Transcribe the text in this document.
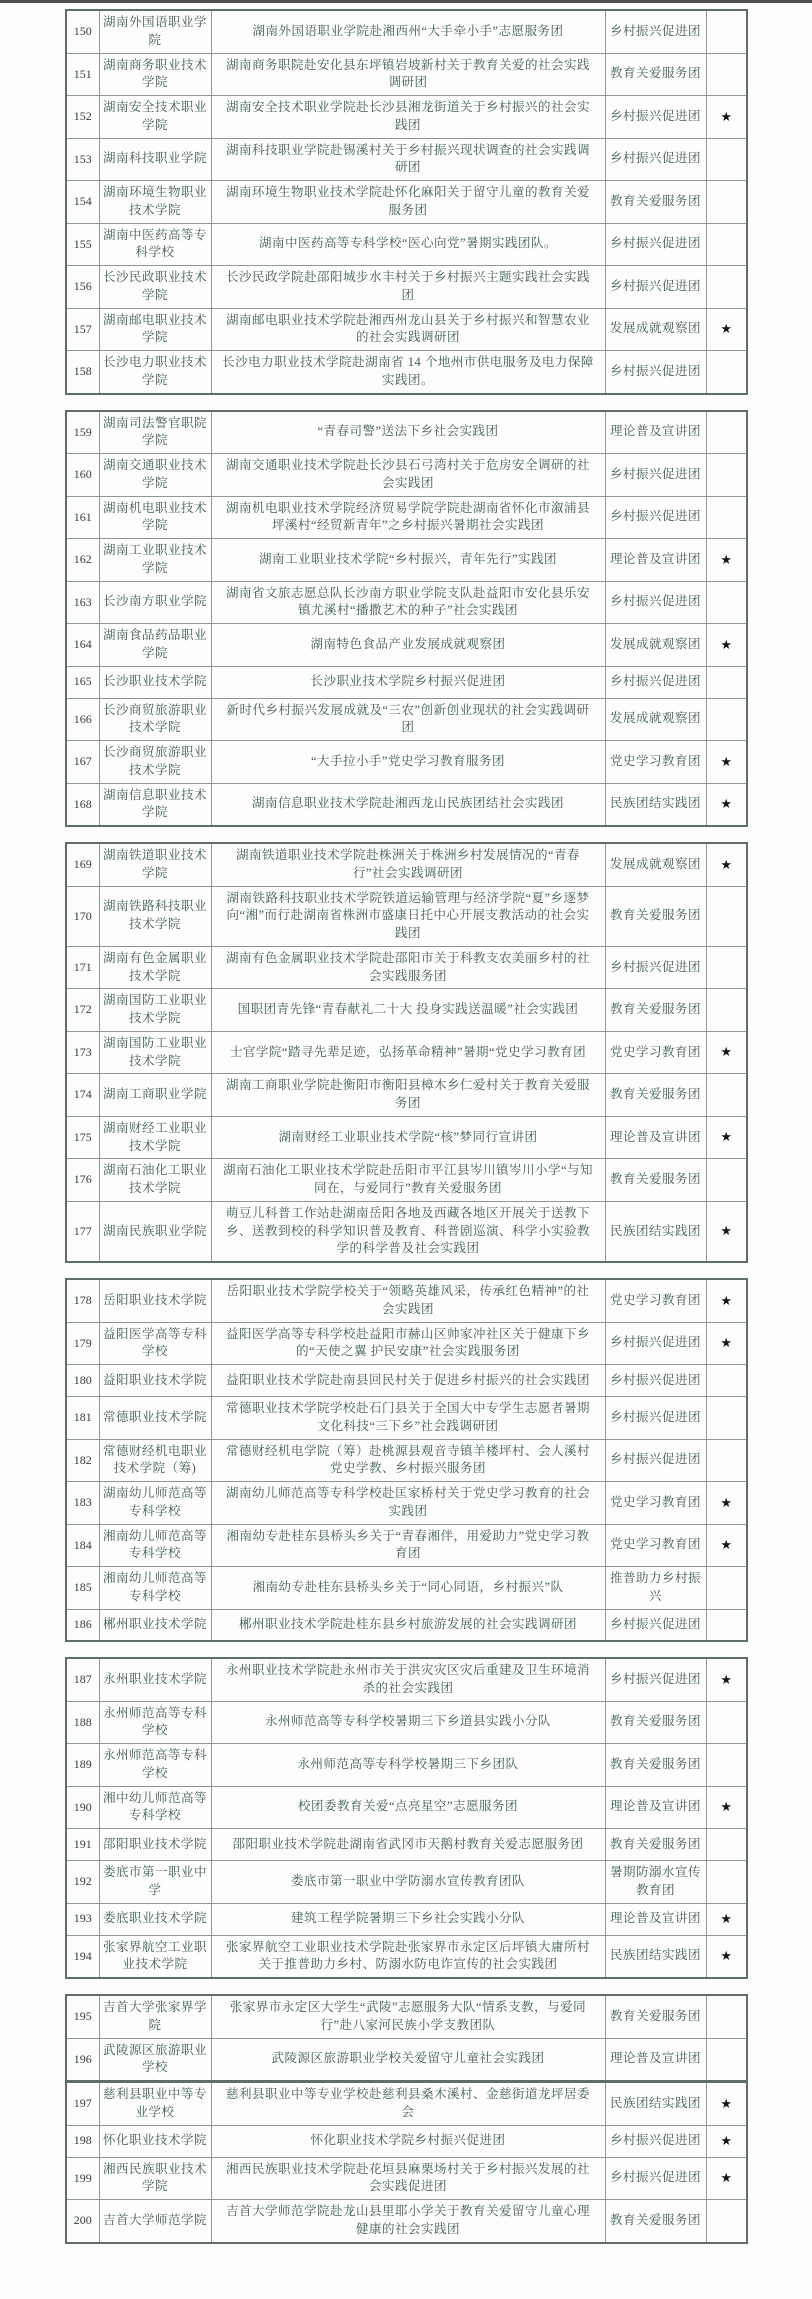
150	湖南外国语职业学院	湖南外国语职业学院赴湘西州“大手牵小手”志愿服务团	乡村振兴促进团	
151	湖南商务职业技术学院	湖南商务职院赴安化县东坪镇岩坡新村关于教育关爱的社会实践调研团	教育关爱服务团	
152	湖南安全技术职业学院	湖南安全技术职业学院赴长沙县湘龙街道关于乡村振兴的社会实践团	乡村振兴促进团	★
153	湖南科技职业学院	湖南科技职业学院赴锡溪村关于乡村振兴现状调查的社会实践调研团	乡村振兴促进团	
154	湖南环境生物职业技术学院	湖南环境生物职业技术学院赴怀化麻阳关于留守儿童的教育关爱服务团	教育关爱服务团	
155	湖南中医药高等专科学校	湖南中医药高等专科学校“医心向党”暑期实践团队。	乡村振兴促进团	
156	长沙民政职业技术学院	长沙民政学院赴邵阳城步水丰村关于乡村振兴主题实践社会实践团	乡村振兴促进团	
157	湖南邮电职业技术学院	湖南邮电职业技术学院赴湘西州龙山县关于乡村振兴和智慧农业的社会实践调研团	发展成就观察团	★
158	长沙电力职业技术学院	长沙电力职业技术学院赴湖南省 14 个地州市供电服务及电力保障实践团。	乡村振兴促进团	
159	湖南司法警官职院学院	“青春司警”送法下乡社会实践团	理论普及宣讲团	
160	湖南交通职业技术学院	湖南交通职业技术学院赴长沙县石弓湾村关于危房安全调研的社会实践团	乡村振兴促进团	
161	湖南机电职业技术学院	湖南机电职业技术学院经济贸易学院学院赴湖南省怀化市溆浦县坪溪村“经贸新青年”之乡村振兴暑期社会实践团	乡村振兴促进团	
162	湖南工业职业技术学院	湖南工业职业技术学院“乡村振兴，青年先行”实践团	理论普及宣讲团	★
163	长沙南方职业学院	湖南省文旅志愿总队长沙南方职业学院支队赴益阳市安化县乐安镇尤溪村“播撒艺术的种子”社会实践团	乡村振兴促进团	
164	湖南食品药品职业学院	湖南特色食品产业发展成就观察团	发展成就观察团	★
165	长沙职业技术学院	长沙职业技术学院乡村振兴促进团	乡村振兴促进团	
166	长沙商贸旅游职业技术学院	新时代乡村振兴发展成就及“三农”创新创业现状的社会实践调研团	发展成就观察团	
167	长沙商贸旅游职业技术学院	“大手拉小手”党史学习教育服务团	党史学习教育团	★
168	湖南信息职业技术学院	湖南信息职业技术学院赴湘西龙山民族团结社会实践团	民族团结实践团	★
169	湖南铁道职业技术学院	湖南铁道职业技术学院赴株洲关于株洲乡村发展情况的“青春行”社会实践调研团	发展成就观察团	★
170	湖南铁路科技职业技术学院	湖南铁路科技职业技术学院铁道运输管理与经济学院“夏”乡逐梦 向“湘”而行赴湖南省株洲市盛康日托中心开展支教活动的社会实践团	教育关爱服务团	
171	湖南有色金属职业技术学院	湖南有色金属职业技术学院赴邵阳市关于科教支农美丽乡村的社会实践服务团	乡村振兴促进团	
172	湖南国防工业职业技术学院	国职团青先锋“青春献礼二十大 投身实践送温暖”社会实践团	教育关爱服务团	
173	湖南国防工业职业技术学院	士官学院“踏寻先辈足迹，弘扬革命精神”暑期“党史学习教育团	党史学习教育团	★
174	湖南工商职业学院	湖南工商职业学院赴衡阳市衡阳县樟木乡仁爱村关于教育关爱服务团	教育关爱服务团	
175	湖南财经工业职业技术学院	湖南财经工业职业技术学院“核”梦同行宣讲团	理论普及宣讲团	★
176	湖南石油化工职业技术学院	湖南石油化工职业技术学院赴岳阳市平江县岑川镇岑川小学“与知同在，与爱同行”教育关爱服务团	教育关爱服务团	
177	湖南民族职业学院	萌豆儿科普工作站赴湖南岳阳各地及西藏各地区开展关于送教下乡、送教到校的科学知识普及教育、科普剧巡演、科学小实验教学的科学普及社会实践团	民族团结实践团	★
178	岳阳职业技术学院	岳阳职业技术学院学校关于“领略英雄风采，传承红色精神”的社会实践团	党史学习教育团	★
179	益阳医学高等专科学校	益阳医学高等专科学校赴益阳市赫山区帅家冲社区关于健康下乡的“天使之翼 护民安康”社会实践服务团	乡村振兴促进团	★
180	益阳职业技术学院	益阳职业技术学院赴南县回民村关于促进乡村振兴的社会实践团	乡村振兴促进团	
181	常德职业技术学院	常德职业技术学院学校赴石门县关于全国大中专学生志愿者暑期文化科技“三下乡”社会践调研团	乡村振兴促进团	
182	常德财经机电职业技术学院（筹)	常德财经机电学院（筹）赴桃源县观音寺镇羊楼坪村、会人溪村党史学教、乡村振兴服务团	乡村振兴促进团	
183	湖南幼儿师范高等专科学校	湖南幼儿师范高等专科学校赴匡家桥村关于党史学习教育的社会实践团	党史学习教育团	★
184	湘南幼儿师范高等专科学校	湘南幼专赴桂东县桥头乡关于“青春湘伴，用爱助力”党史学习教育团	党史学习教育团	★
185	湘南幼儿师范高等专科学校	湘南幼专赴桂东县桥头乡关于“同心同语，乡村振兴”队	推普助力乡村振兴	
186	郴州职业技术学院	郴州职业技术学院赴桂东县乡村旅游发展的社会实践调研团	乡村振兴促进团	
187	永州职业技术学院	永州职业技术学院赴永州市关于洪灾灾区灾后重建及卫生环境消杀的社会实践团	乡村振兴促进团	★
188	永州师范高等专科学校	永州师范高等专科学校暑期三下乡道县实践小分队	教育关爱服务团	
189	永州师范高等专科学校	永州师范高等专科学校暑期三下乡团队	教育关爱服务团	
190	湘中幼儿师范高等专科学校	校团委教育关爱“点亮星空”志愿服务团	理论普及宣讲团	★
191	邵阳职业技术学院	邵阳职业技术学院赴湖南省武冈市天鹅村教育关爱志愿服务团	教育关爱服务团	
192	娄底市第一职业中学	娄底市第一职业中学防溺水宣传教育团队	暑期防溺水宣传教育团	
193	娄底职业技术学院	建筑工程学院暑期三下乡社会实践小分队	理论普及宣讲团	★
194	张家界航空工业职业技术学院	张家界航空工业职业技术学院赴张家界市永定区后坪镇大庸所村关于推普助力乡村、防溺水防电诈宣传的社会实践团	民族团结实践团	★
195	吉首大学张家界学院	张家界市永定区大学生“武陵”志愿服务大队“情系支教，与爱同行”赴八家河民族小学支教团队	教育关爱服务团	
196	武陵源区旅游职业学校	武陵源区旅游职业学校关爱留守儿童社会实践团	理论普及宣讲团	
197	慈利县职业中等专业学校	慈利县职业中等专业学校赴慈利县桑木溪村、金慈街道龙坪居委会	民族团结实践团	★
198	怀化职业技术学院	怀化职业技术学院乡村振兴促进团	乡村振兴促进团	★
199	湘西民族职业技术学院	湘西民族职业技术学院赴花垣县麻栗场村关于乡村振兴发展的社会实践促进团	乡村振兴促进团	★
200	吉首大学师范学院	吉首大学师范学院赴龙山县里耶小学关于教育关爱留守儿童心理健康的社会实践团	教育关爱服务团	
